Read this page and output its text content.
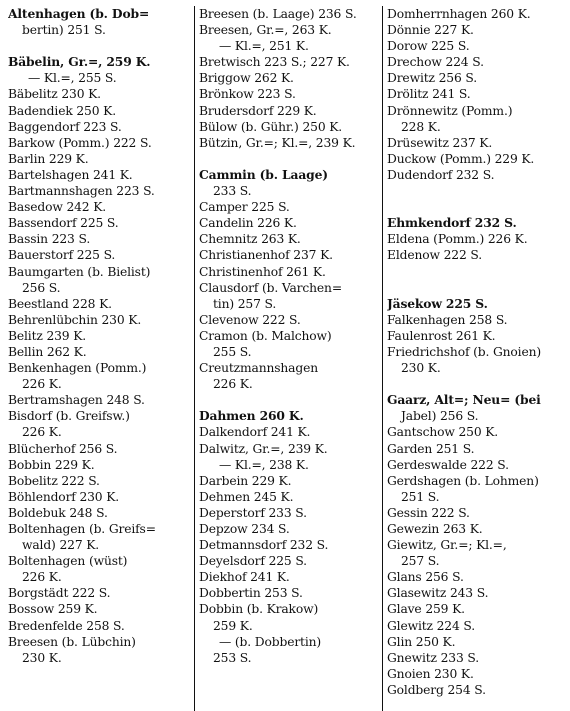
Altenhagen (b. Dob=
bertin) 251 S.
Bäbelin, Gr.=, 259 K.
— Kl.=, 255 S.
Bäbelitz 230 K.
Badendiek 250 K.
Baggendorf 223 S.
Barkow (Pomm.) 222 S.
Barlin 229 K.
Bartelshagen 241 K.
Bartmannshagen 223 S.
Basedow 242 K.
Bassendorf 225 S.
Bassin 223 S.
Bauerstorf 225 S.
Baumgarten (b. Bielist)
256 S.
Beestland 228 K.
Behrenlübchin 230 K.
Belitz 239 K.
Bellin 262 K.
Benkenhagen (Pomm.)
226 K.
Bertramshagen 248 S.
Bisdorf (b. Greifsw.)
226 K.
Blücherhof 256 S.
Bobbin 229 K.
Bobelitz 222 S.
Böhlendorf 230 K.
Boldebuk 248 S.
Boltenhagen (b. Greifs=
wald) 227 K.
Boltenhagen (wüst)
226 K.
Borgstädt 222 S.
Bossow 259 K.
Bredenfelde 258 S.
Breesen (b. Lübchin)
230 K.
Breesen (b. Laage) 236 S.
Breesen, Gr.=, 263 K.
— Kl.=, 251 K.
Bretwisch 223 S.; 227 K.
Briggow 262 K.
Brönkow 223 S.
Brudersdorf 229 K.
Bülow (b. Gühr.) 250 K.
Bützin, Gr.=; Kl.=, 239 K.
Cammin (b. Laage)
233 S.
Camper 225 S.
Candelin 226 K.
Chemnitz 263 K.
Christianenhof 237 K.
Christinenhof 261 K.
Clausdorf (b. Varchen=
tin) 257 S.
Clevenow 222 S.
Cramon (b. Malchow)
255 S.
Creutzmannshagen
226 K.
Dahmen 260 K.
Dalkendorf 241 K.
Dalwitz, Gr.=, 239 K.
— Kl.=, 238 K.
Darbein 229 K.
Dehmen 245 K.
Deperstorf 233 S.
Depzow 234 S.
Detmannsdorf 232 S.
Deyelsdorf 225 S.
Diekhof 241 K.
Dobbertin 253 S.
Dobbin (b. Krakow)
259 K.
— (b. Dobbertin)
253 S.
Domherrnhagen 260 K.
Dönnie 227 K.
Dorow 225 S.
Drechow 224 S.
Drewitz 256 S.
Drölitz 241 S.
Drönnewitz (Pomm.)
228 K.
Drüsewitz 237 K.
Duckow (Pomm.) 229 K.
Dudendorf 232 S.
Ehmkendorf 232 S.
Eldena (Pomm.) 226 K.
Eldenow 222 S.
Jäsekow 225 S.
Falkenhagen 258 S.
Faulenrost 261 K.
Friedrichshof (b. Gnoien)
230 K.
Gaarz, Alt=; Neu= (bei
Jabel) 256 S.
Gantschow 250 K.
Garden 251 S.
Gerdeswalde 222 S.
Gerdshagen (b. Lohmen)
251 S.
Gessin 222 S.
Gewezin 263 K.
Giewitz, Gr.=; Kl.=,
257 S.
Glans 256 S.
Glasewitz 243 S.
Glave 259 K.
Glewitz 224 S.
Glin 250 K.
Gnewitz 233 S.
Gnoien 230 K.
Goldberg 254 S.
